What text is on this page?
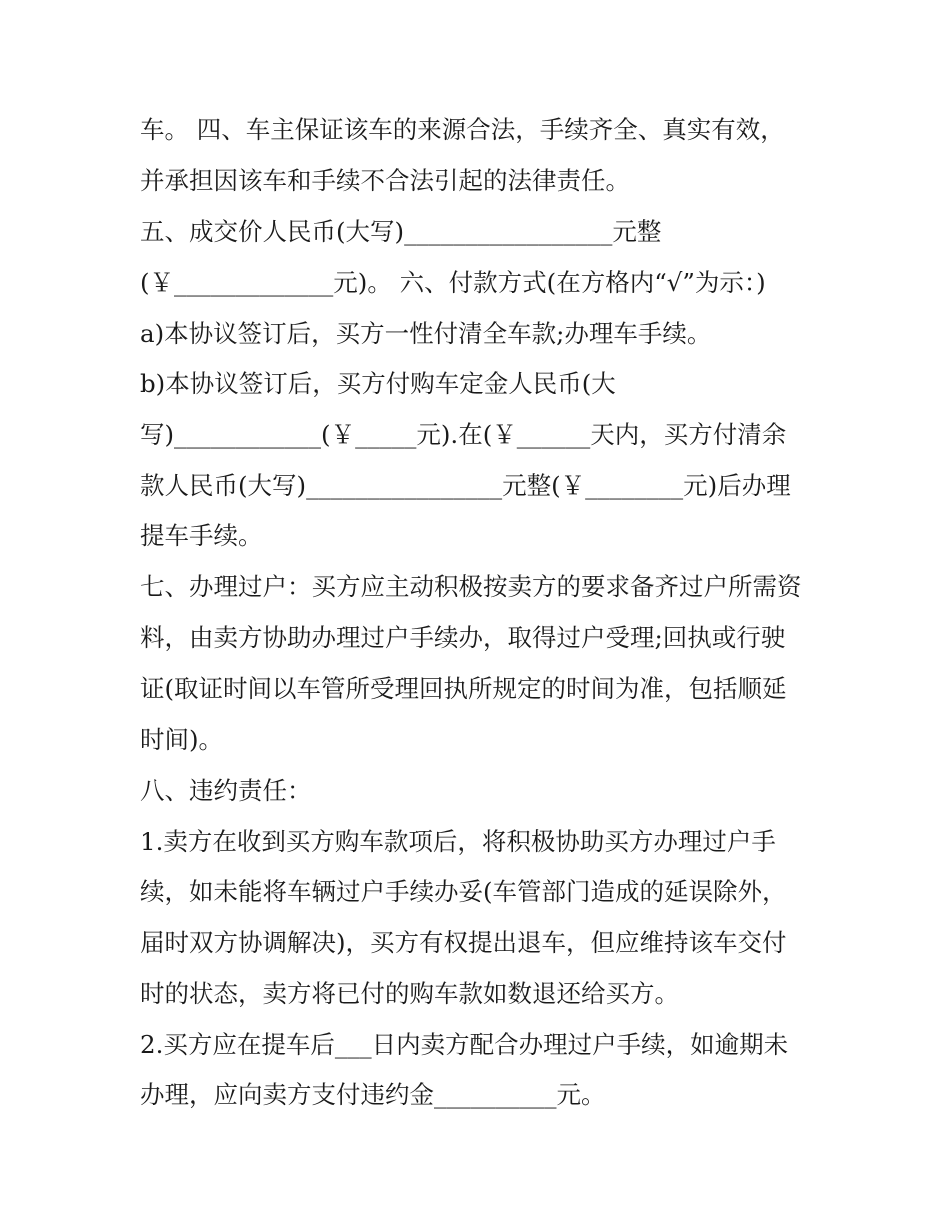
车。 四、车主保证该车的来源合法，手续齐全、真实有效，
并承担因该车和手续不合法引起的法律责任。
五、成交价人民币(大写)_________________元整
(￥_____________元)。 六、付款方式(在方格内“√”为示：)
a)本协议签订后，买方一性付清全车款;办理车手续。
b)本协议签订后，买方付购车定金人民币(大
写)____________(￥_____元).在(￥______天内，买方付清余
款人民币(大写)________________元整(￥________元)后办理
提车手续。
七、办理过户：买方应主动积极按卖方的要求备齐过户所需资
料，由卖方协助办理过户手续办，取得过户受理;回执或行驶
证(取证时间以车管所受理回执所规定的时间为准，包括顺延
时间)。
八、违约责任：
1.卖方在收到买方购车款项后，将积极协助买方办理过户手
续，如未能将车辆过户手续办妥(车管部门造成的延误除外，
届时双方协调解决)，买方有权提出退车，但应维持该车交付
时的状态，卖方将已付的购车款如数退还给买方。
2.买方应在提车后___日内卖方配合办理过户手续，如逾期未
办理，应向卖方支付违约金__________元。
